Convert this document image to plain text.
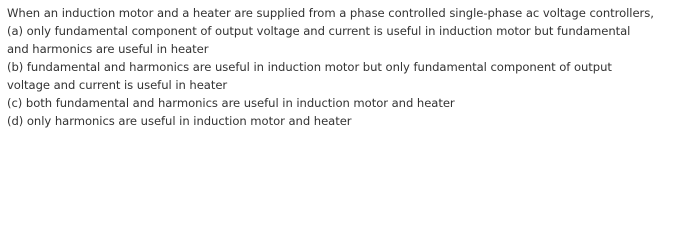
When an induction motor and a heater are supplied from a phase controlled single-phase ac voltage controllers,
(a) only fundamental component of output voltage and current is useful in induction motor but fundamental
and harmonics are useful in heater
(b) fundamental and harmonics are useful in induction motor but only fundamental component of output
voltage and current is useful in heater
(c) both fundamental and harmonics are useful in induction motor and heater
(d) only harmonics are useful in induction motor and heater
